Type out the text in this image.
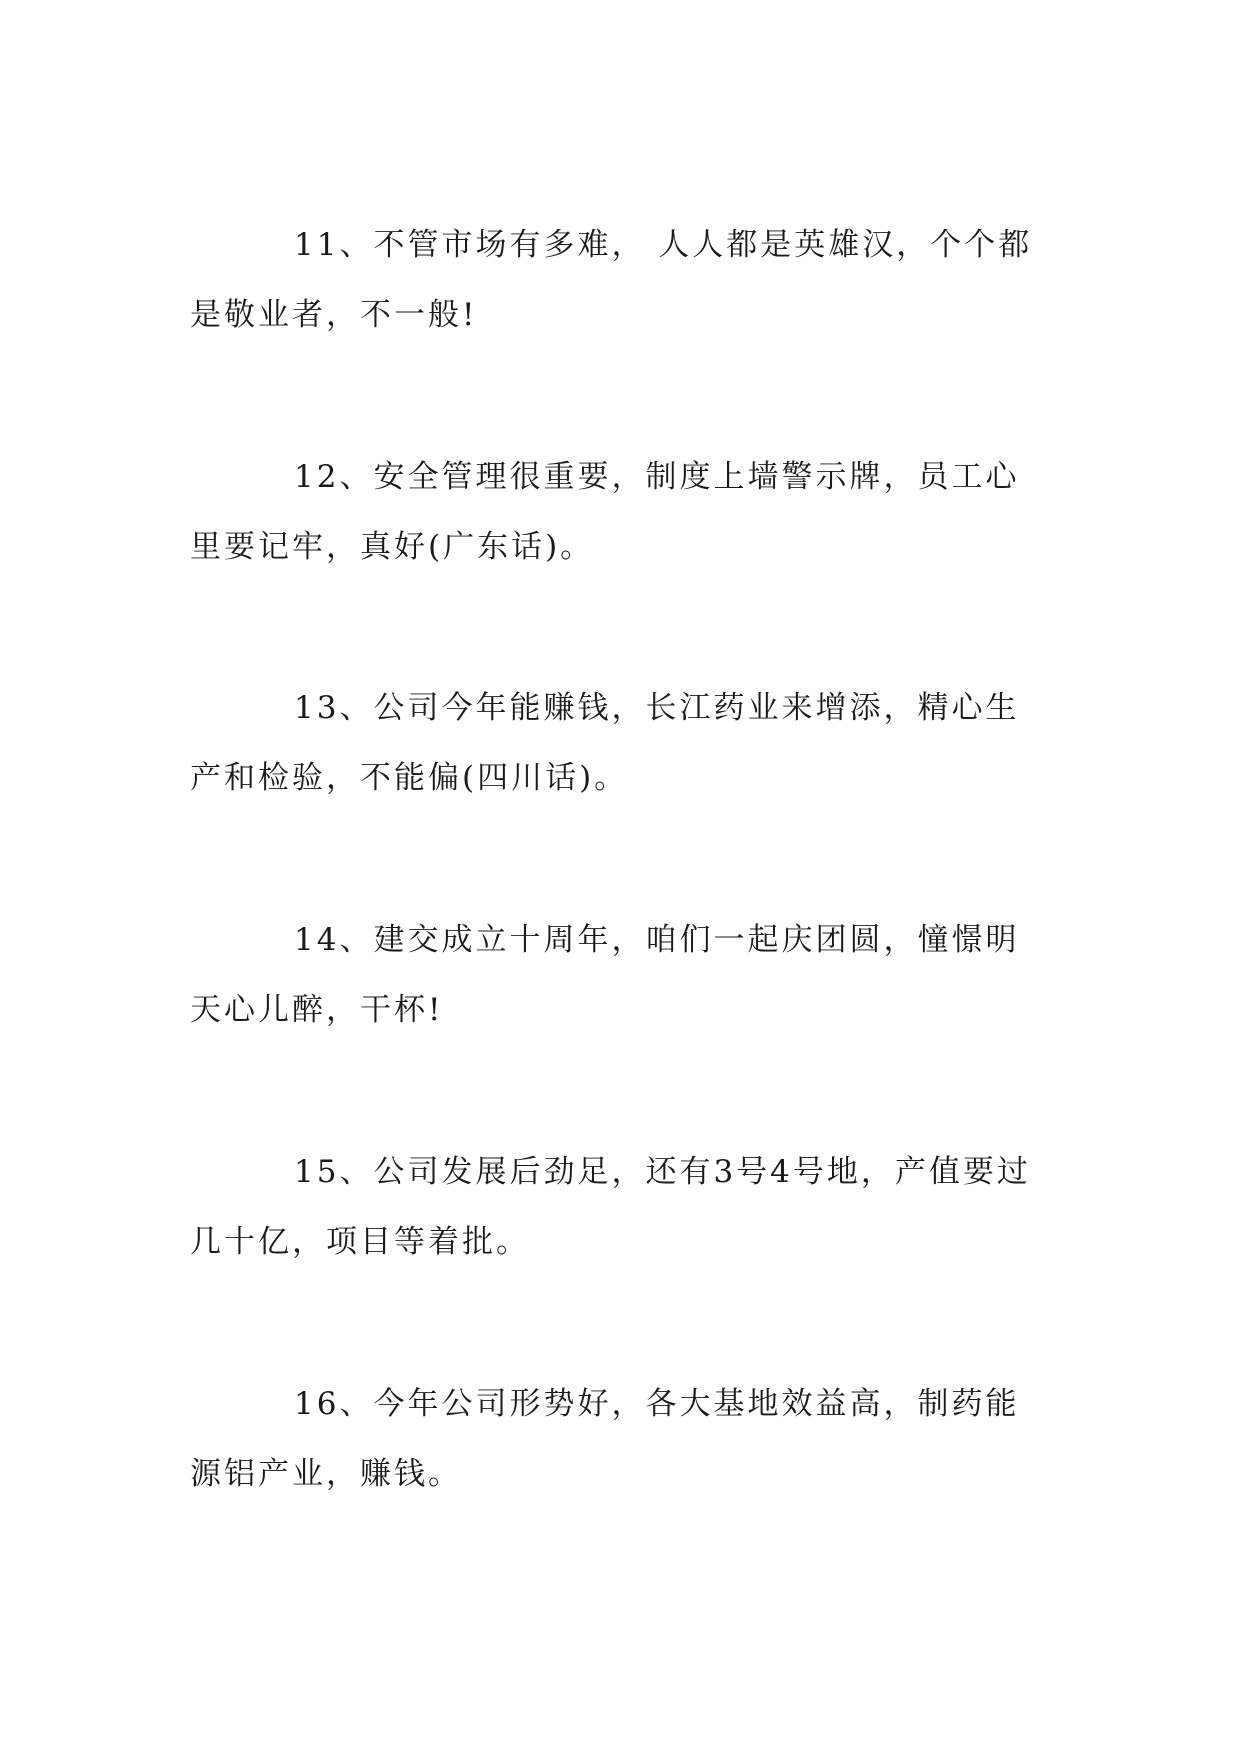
11、不管市场有多难， 人人都是英雄汉，个个都是敬业者，不一般!

12、安全管理很重要，制度上墙警示牌，员工心里要记牢，真好(广东话)。

13、公司今年能赚钱，长江药业来增添，精心生产和检验，不能偏(四川话)。

14、建交成立十周年，咱们一起庆团圆，憧憬明天心儿醉，干杯!

15、公司发展后劲足，还有3号4号地，产值要过几十亿，项目等着批。

16、今年公司形势好，各大基地效益高，制药能源铝产业，赚钱。
